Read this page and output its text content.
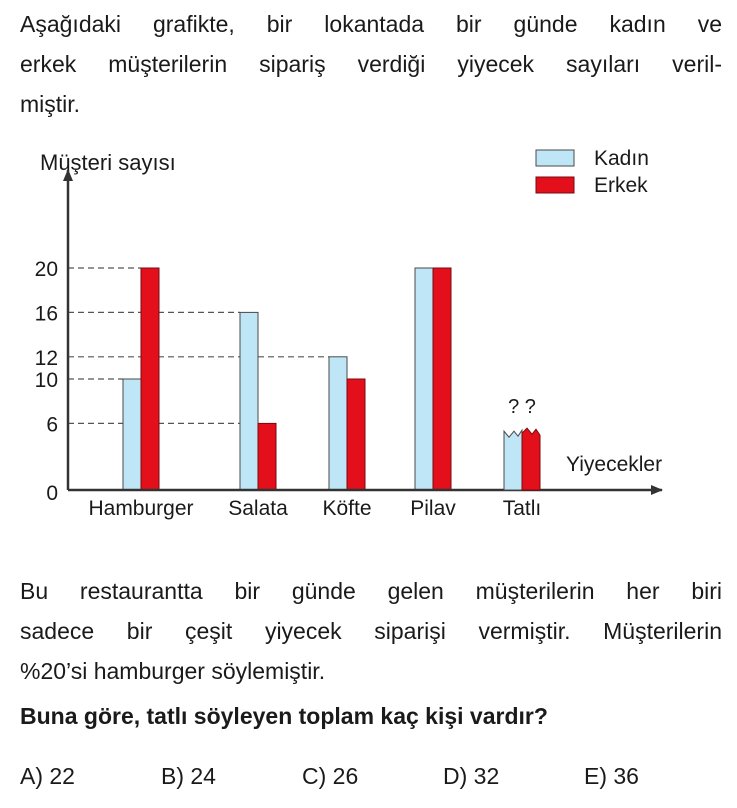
Aşağıdaki grafikte, bir lokantada bir günde kadın ve
erkek müşterilerin sipariş verdiği yiyecek sayıları veril-
miştir.
Müşteri sayısı
Yiyecekler
0
6
10
12
16
20
Hamburger Salata Köfte Pilav Tatlı
Kadın
Erkek
? ?
Bu restaurantta bir günde gelen müşterilerin her biri
sadece bir çeşit yiyecek siparişi vermiştir. Müşterilerin
%20’si hamburger söylemiştir.
Buna göre, tatlı söyleyen toplam kaç kişi vardır?
A) 22	B) 24	C) 26	D) 32	E) 36
